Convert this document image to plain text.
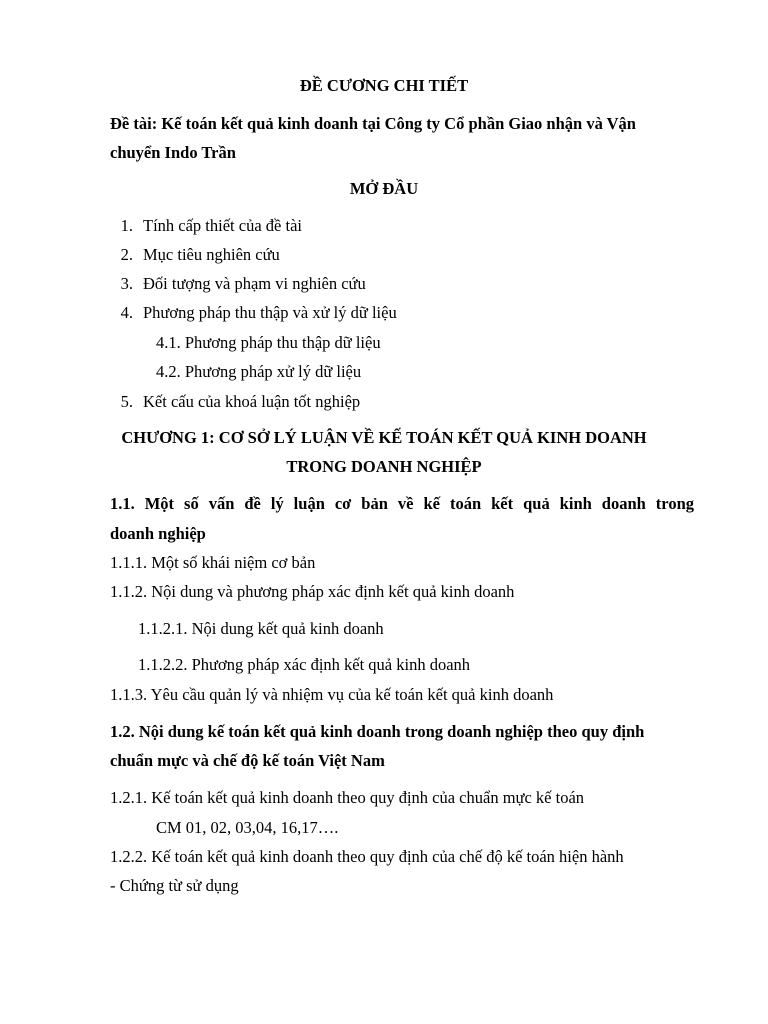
ĐỀ CƯƠNG CHI TIẾT
Đề tài: Kế toán kết quả kinh doanh tại Công ty Cổ phần Giao nhận và Vận
chuyển Indo Trần
MỞ ĐẦU
1. Tính cấp thiết của đề tài
2. Mục tiêu nghiên cứu
3. Đối tượng và phạm vi nghiên cứu
4. Phương pháp thu thập và xử lý dữ liệu
4.1. Phương pháp thu thập dữ liệu
4.2. Phương pháp xử lý dữ liệu
5. Kết cấu của khoá luận tốt nghiệp
CHƯƠNG 1: CƠ SỞ LÝ LUẬN VỀ KẾ TOÁN KẾT QUẢ KINH DOANH
TRONG DOANH NGHIỆP
1.1. Một số vấn đề lý luận cơ bản về kế toán kết quả kinh doanh trong
doanh nghiệp
1.1.1. Một số khái niệm cơ bản
1.1.2. Nội dung và phương pháp xác định kết quả kinh doanh
1.1.2.1. Nội dung kết quả kinh doanh
1.1.2.2. Phương pháp xác định kết quả kinh doanh
1.1.3. Yêu cầu quản lý và nhiệm vụ của kế toán kết quả kinh doanh
1.2. Nội dung kế toán kết quả kinh doanh trong doanh nghiệp theo quy định
chuẩn mực và chế độ kế toán Việt Nam
1.2.1. Kế toán kết quả kinh doanh theo quy định của chuẩn mực kế toán
CM 01, 02, 03,04, 16,17….
1.2.2. Kế toán kết quả kinh doanh theo quy định của chế độ kế toán hiện hành
- Chứng từ sử dụng
